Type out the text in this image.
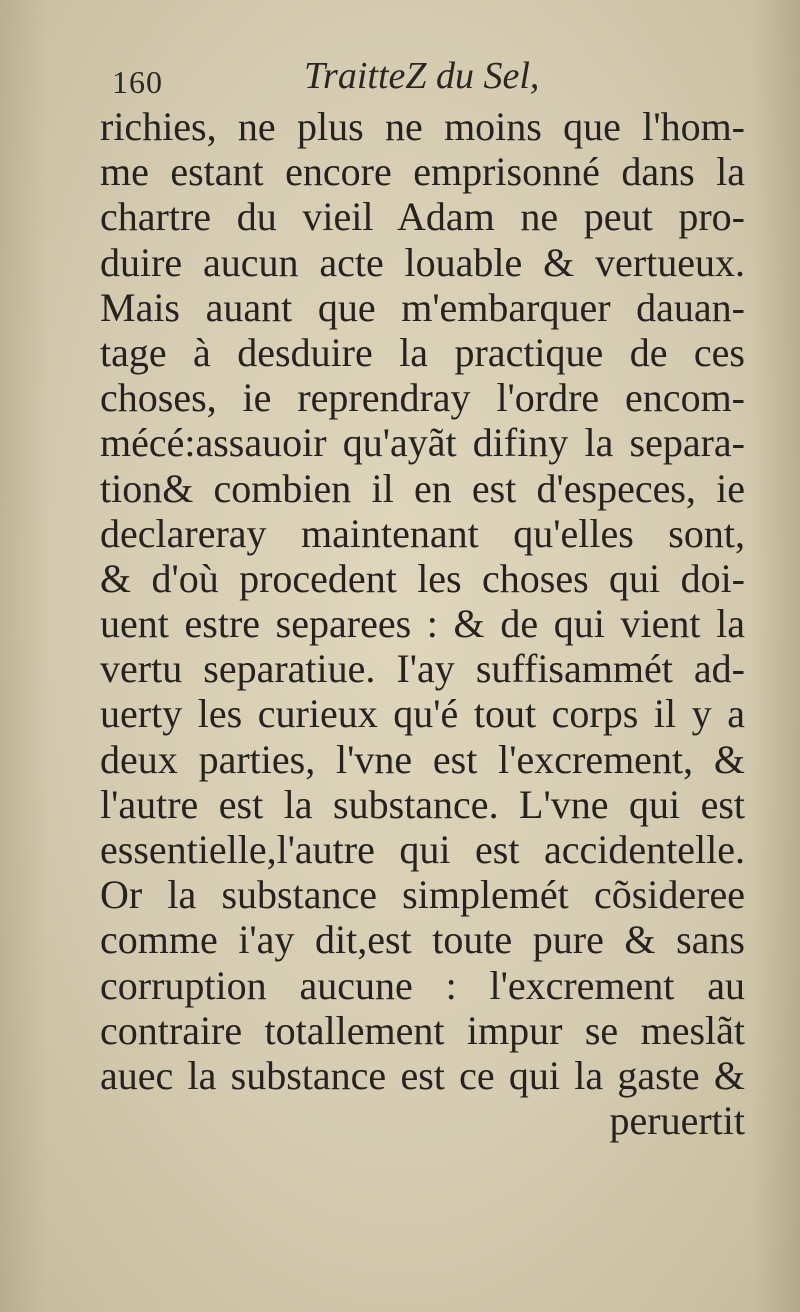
160	TraitteZ du Sel,
richies, ne plus ne moins que l'hom-
me estant encore emprisonné dans la
chartre du vieil Adam ne peut pro-
duire aucun acte louable & vertueux.
Mais auant que m'embarquer dauan-
tage à desduire la practique de ces
choses, ie reprendray l'ordre encom-
mécé:assauoir qu'ayãt difiny la separa-
tion& combien il en est d'especes, ie
declareray maintenant qu'elles sont,
& d'où procedent les choses qui doi-
uent estre separees : & de qui vient la
vertu separatiue. I'ay suffisammét ad-
uerty les curieux qu'é tout corps il y a
deux parties, l'vne est l'excrement, &
l'autre est la substance. L'vne qui est
essentielle,l'autre qui est accidentelle.
Or la substance simplemét cõsideree
comme i'ay dit,est toute pure & sans
corruption aucune : l'excrement au
contraire totallement impur se meslãt
auec la substance est ce qui la gaste &
peruertit
